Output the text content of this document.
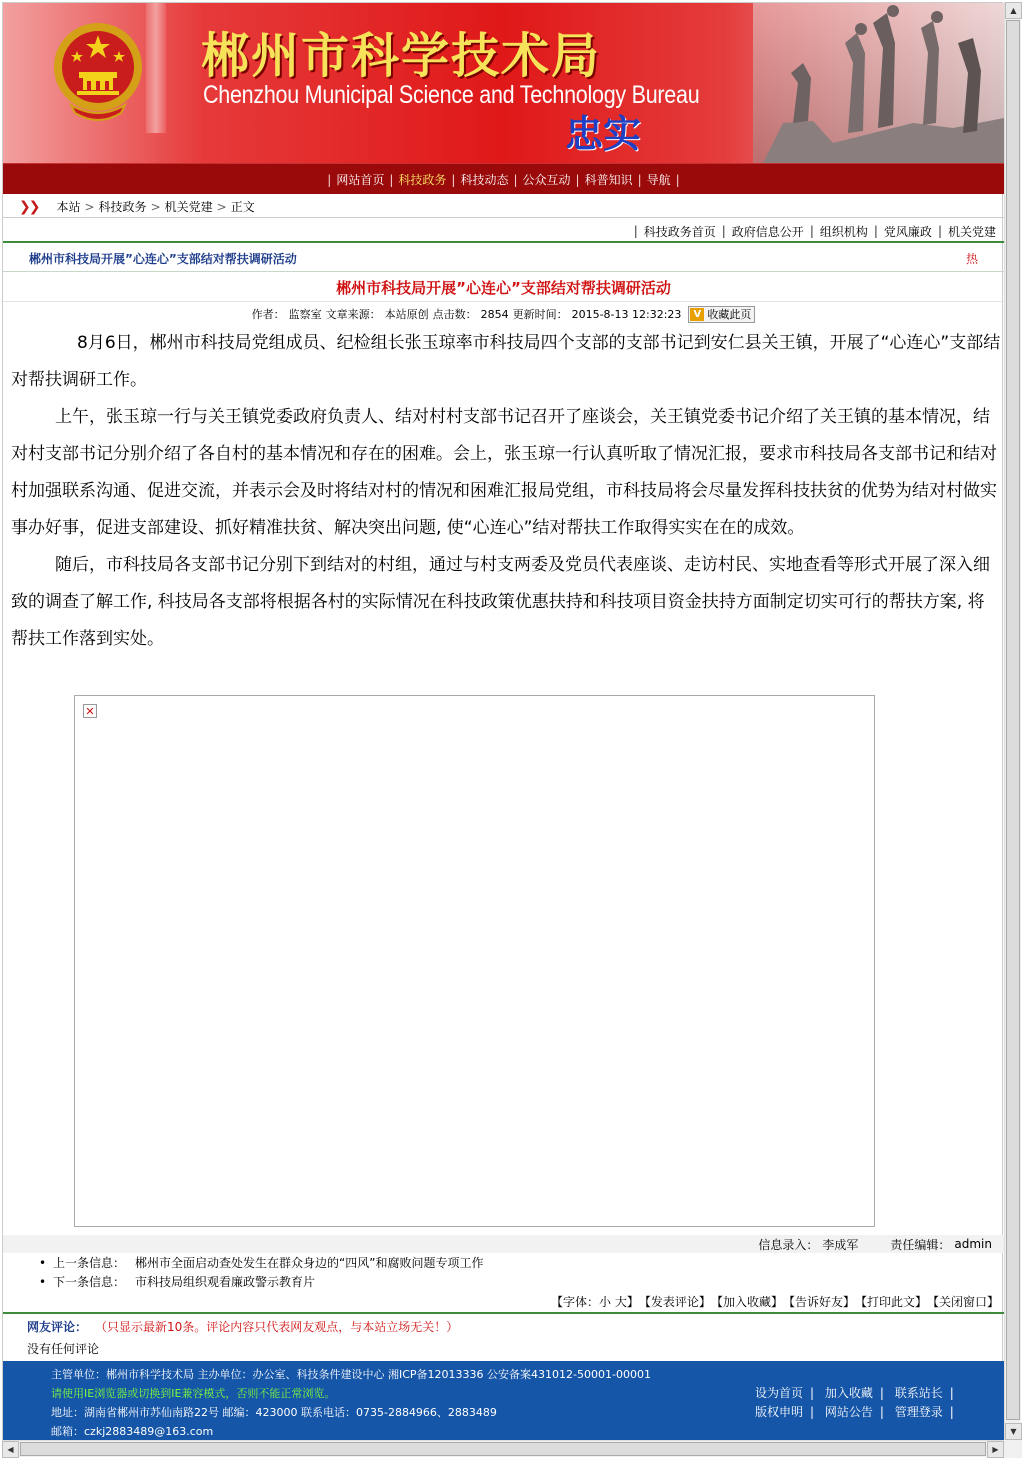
郴州市科学技术局
Chenzhou Municipal Science and Technology Bureau
忠实
| 网站首页 | 科技政务 | 科技动态 | 公众互动 | 科普知识 | 导航 |
❯❯ 本站 > 科技政务 > 机关党建 > 正文
| 科技政务首页 | 政府信息公开 | 组织机构 | 党风廉政 | 机关党建
郴州市科技局开展”心连心”支部结对帮扶调研活动	热
郴州市科技局开展”心连心”支部结对帮扶调研活动
作者： 监察室 文章来源： 本站原创 点击数： 2854 更新时间： 2015-8-13 12:32:23	V 收藏此页

8月6日，郴州市科技局党组成员、纪检组长张玉琼率市科技局四个支部的支部书记到安仁县关王镇，开展了“心连心”支部结对帮扶调研工作。

上午，张玉琼一行与关王镇党委政府负责人、结对村村支部书记召开了座谈会，关王镇党委书记介绍了关王镇的基本情况，结对村支部书记分别介绍了各自村的基本情况和存在的困难。会上，张玉琼一行认真听取了情况汇报，要求市科技局各支部书记和结对村加强联系沟通、促进交流，并表示会及时将结对村的情况和困难汇报局党组，市科技局将会尽量发挥科技扶贫的优势为结对村做实事办好事，促进支部建设、抓好精准扶贫、解决突出问题, 使“心连心”结对帮扶工作取得实实在在的成效。

随后，市科技局各支部书记分别下到结对的村组，通过与村支两委及党员代表座谈、走访村民、实地查看等形式开展了深入细致的调查了解工作, 科技局各支部将根据各村的实际情况在科技政策优惠扶持和科技项目资金扶持方面制定切实可行的帮扶方案, 将帮扶工作落到实处。

✕
信息录入： 李成军	责任编辑： admin
• 上一条信息： 郴州市全面启动查处发生在群众身边的“四风”和腐败问题专项工作
• 下一条信息： 市科技局组织观看廉政警示教育片
【字体： 小
大 】 【发表评论】 【加入收藏】 【告诉好友】 【打印此文】 【关闭窗口】
网友评论： （只显示最新10条。评论内容只代表网友观点，与本站立场无关！）
没有任何评论
主管单位：郴州市科学技术局 主办单位：办公室、科技条件建设中心 湘ICP备12013336 公安备案431012-50001-00001
请使用IE浏览器或切换到IE兼容模式，否则不能正常浏览。
地址：湖南省郴州市苏仙南路22号 邮编：423000 联系电话：0735-2884966、2883489
邮箱：czkj2883489@163.com
设为首页 | 加入收藏 | 联系站长 |
版权申明 | 网站公告 | 管理登录 |
▲
▼
◀	▶
